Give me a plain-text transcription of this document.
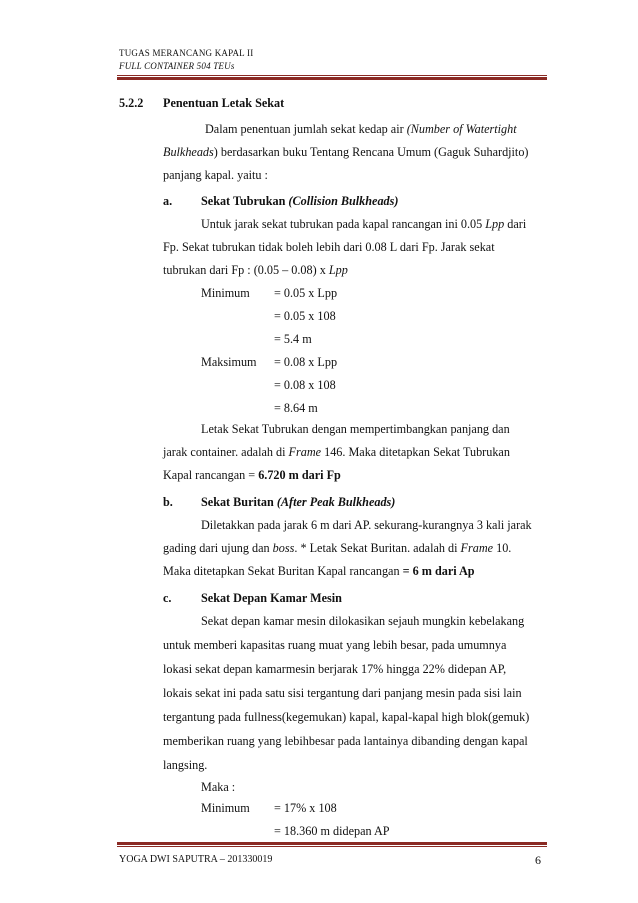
TUGAS MERANCANG KAPAL II
FULL CONTAINER 504 TEUs
5.2.2 Penentuan Letak Sekat
Dalam penentuan jumlah sekat kedap air (Number of Watertight
Bulkheads) berdasarkan buku Tentang Rencana Umum (Gaguk Suhardjito)
panjang kapal. yaitu :
a. Sekat Tubrukan (Collision Bulkheads)
Untuk jarak sekat tubrukan pada kapal rancangan ini 0.05 Lpp dari
Fp. Sekat tubrukan tidak boleh lebih dari 0.08 L dari Fp. Jarak sekat
tubrukan dari Fp : (0.05 – 0.08) x Lpp
Minimum = 0.05 x Lpp
= 0.05 x 108
= 5.4 m
Maksimum = 0.08 x Lpp
= 0.08 x 108
= 8.64 m
Letak Sekat Tubrukan dengan mempertimbangkan panjang dan
jarak container. adalah di Frame 146. Maka ditetapkan Sekat Tubrukan
Kapal rancangan = 6.720 m dari Fp
b. Sekat Buritan (After Peak Bulkheads)
Diletakkan pada jarak 6 m dari AP. sekurang-kurangnya 3 kali jarak
gading dari ujung dan boss. * Letak Sekat Buritan. adalah di Frame 10.
Maka ditetapkan Sekat Buritan Kapal rancangan = 6 m dari Ap
c. Sekat Depan Kamar Mesin
Sekat depan kamar mesin dilokasikan sejauh mungkin kebelakang
untuk memberi kapasitas ruang muat yang lebih besar, pada umumnya
lokasi sekat depan kamarmesin berjarak 17% hingga 22% didepan AP,
lokais sekat ini pada satu sisi tergantung dari panjang mesin pada sisi lain
tergantung pada fullness(kegemukan) kapal, kapal-kapal high blok(gemuk)
memberikan ruang yang lebihbesar pada lantainya dibanding dengan kapal
langsing.
Maka :
Minimum = 17% x 108
= 18.360 m didepan AP
YOGA DWI SAPUTRA – 201330019	6
